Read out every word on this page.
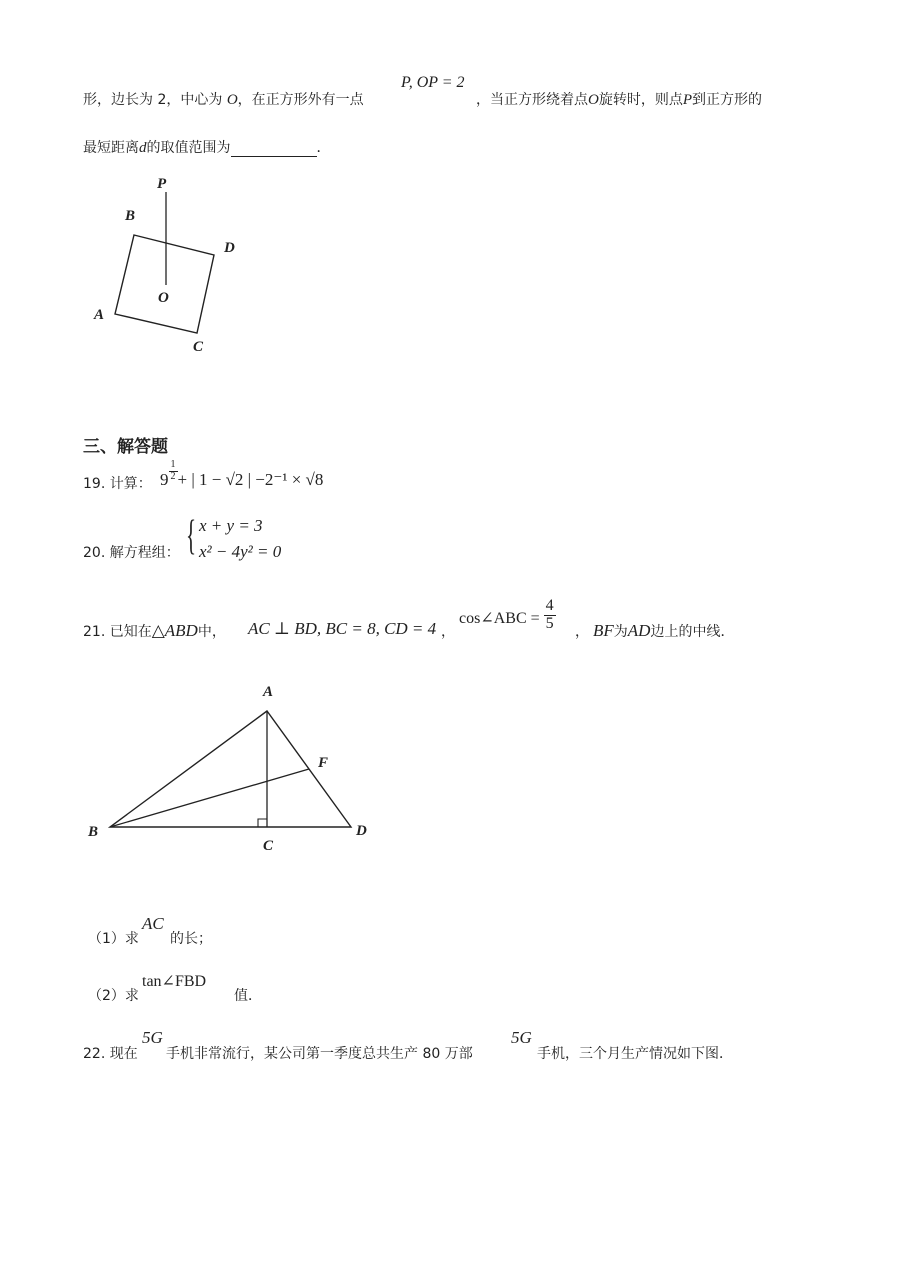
形，边长为 2，中心为 O，在正方形外有一点
P, OP = 2
，当正方形绕着点O旋转时，则点P到正方形的
最短距离d的取值范围为	．
P
B
D
O
A
C
三、解答题
19. 计算： $9 \frac{1}{2}$ + | 1 − √2 | −2⁻¹ × √8
20. 解方程组： { x + y = 3
x² − 4y² = 0
21. 已知在△ABD中， AC ⊥ BD, BC = 8, CD = 4 ，
cos∠ABC = $\frac{4}{5}$ ， BF为AD边上的中线．
A
F
B
C
D
（1）求
AC
的长；
（2）求
tan∠FBD
值．
22. 现在
5G
手机非常流行，某公司第一季度总共生产 80 万部
5G
手机，三个月生产情况如下图．
